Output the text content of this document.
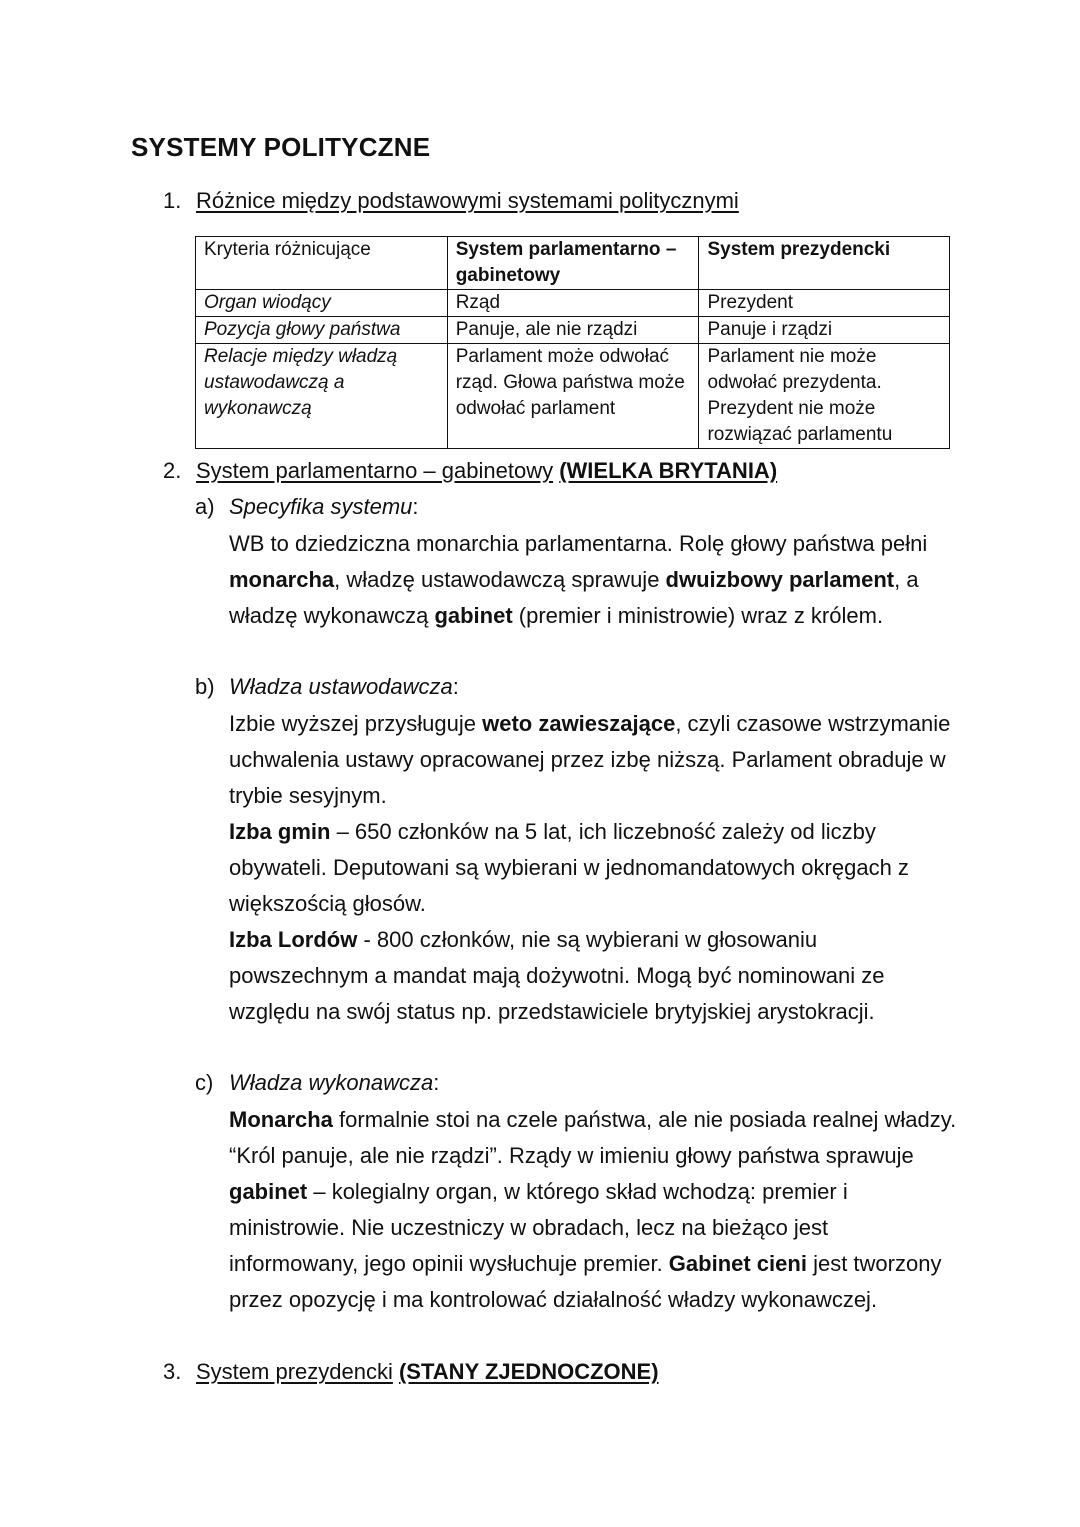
SYSTEMY POLITYCZNE
1. Różnice między podstawowymi systemami politycznymi
Kryteria różnicujące	System parlamentarno – gabinetowy	System prezydencki
Organ wiodący	Rząd	Prezydent
Pozycja głowy państwa	Panuje, ale nie rządzi	Panuje i rządzi
Relacje między władzą ustawodawczą a wykonawczą	Parlament może odwołać rząd. Głowa państwa może odwołać parlament	Parlament nie może odwołać prezydenta. Prezydent nie może rozwiązać parlamentu
2. System parlamentarno – gabinetowy (WIELKA BRYTANIA)
a) Specyfika systemu:

WB to dziedziczna monarchia parlamentarna. Rolę głowy państwa pełni monarcha, władzę ustawodawczą sprawuje dwuizbowy parlament, a władzę wykonawczą gabinet (premier i ministrowie) wraz z królem.

b) Władza ustawodawcza:

Izbie wyższej przysługuje weto zawieszające, czyli czasowe wstrzymanie uchwalenia ustawy opracowanej przez izbę niższą. Parlament obraduje w trybie sesyjnym.

Izba gmin – 650 członków na 5 lat, ich liczebność zależy od liczby obywateli. Deputowani są wybierani w jednomandatowych okręgach z większością głosów.

Izba Lordów - 800 członków, nie są wybierani w głosowaniu powszechnym a mandat mają dożywotni. Mogą być nominowani ze względu na swój status np. przedstawiciele brytyjskiej arystokracji.

c) Władza wykonawcza:

Monarcha formalnie stoi na czele państwa, ale nie posiada realnej władzy. “Król panuje, ale nie rządzi”. Rządy w imieniu głowy państwa sprawuje gabinet – kolegialny organ, w którego skład wchodzą: premier i ministrowie. Nie uczestniczy w obradach, lecz na bieżąco jest informowany, jego opinii wysłuchuje premier. Gabinet cieni jest tworzony przez opozycję i ma kontrolować działalność władzy wykonawczej.

3. System prezydencki (STANY ZJEDNOCZONE)
